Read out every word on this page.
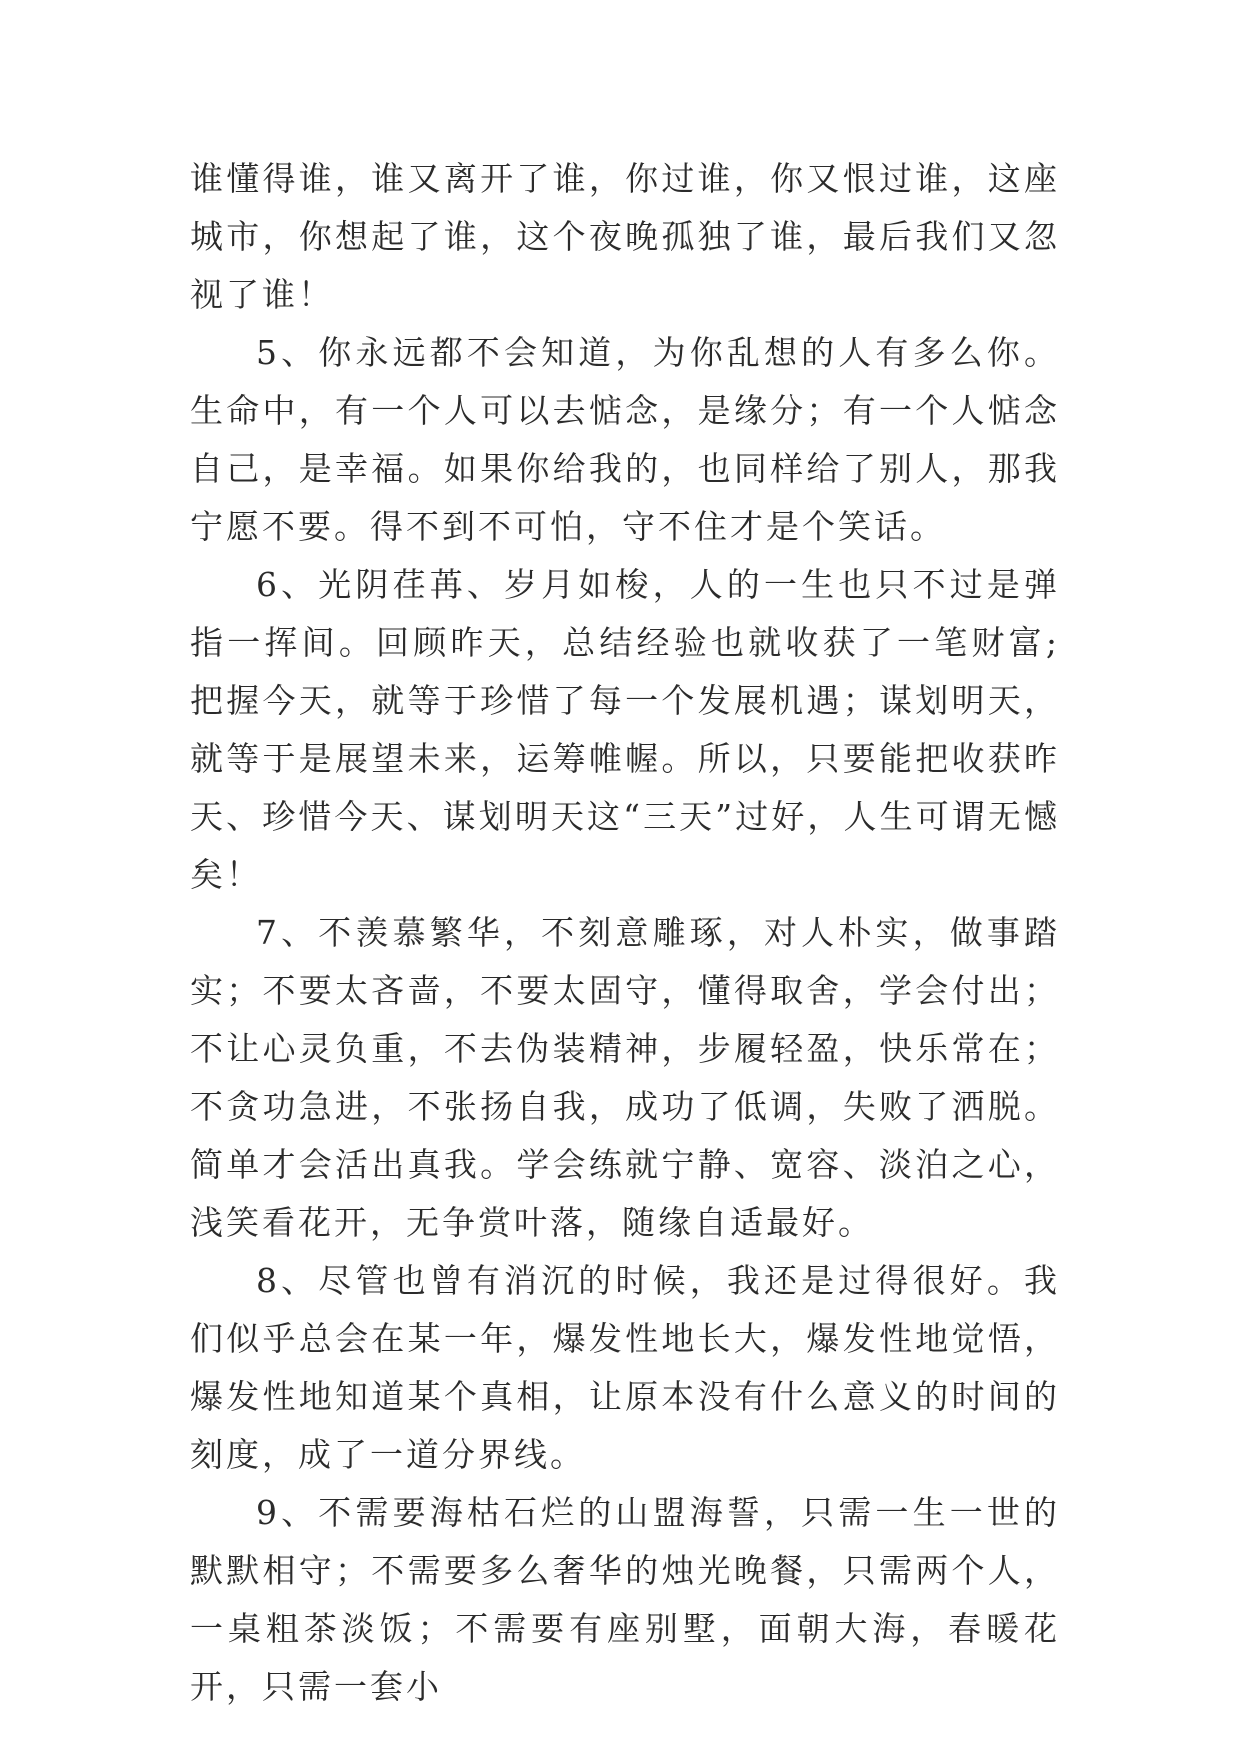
谁懂得谁，谁又离开了谁，你过谁，你又恨过谁，这座城市，你想起了谁，这个夜晚孤独了谁，最后我们又忽视了谁！

5、你永远都不会知道，为你乱想的人有多么你。生命中，有一个人可以去惦念，是缘分；有一个人惦念自己，是幸福。如果你给我的，也同样给了别人，那我宁愿不要。得不到不可怕，守不住才是个笑话。

6、光阴荏苒、岁月如梭，人的一生也只不过是弹指一挥间。回顾昨天，总结经验也就收获了一笔财富;把握今天，就等于珍惜了每一个发展机遇；谋划明天，就等于是展望未来，运筹帷幄。所以，只要能把收获昨天、珍惜今天、谋划明天这“三天”过好，人生可谓无憾矣！

7、不羡慕繁华，不刻意雕琢，对人朴实，做事踏实；不要太吝啬，不要太固守，懂得取舍，学会付出；不让心灵负重，不去伪装精神，步履轻盈，快乐常在；不贪功急进，不张扬自我，成功了低调，失败了洒脱。简单才会活出真我。学会练就宁静、宽容、淡泊之心，浅笑看花开，无争赏叶落，随缘自适最好。

8、尽管也曾有消沉的时候，我还是过得很好。我们似乎总会在某一年，爆发性地长大，爆发性地觉悟，爆发性地知道某个真相，让原本没有什么意义的时间的刻度，成了一道分界线。

9、不需要海枯石烂的山盟海誓，只需一生一世的默默相守；不需要多么奢华的烛光晚餐，只需两个人，一桌粗茶淡饭；不需要有座别墅，面朝大海，春暖花开，只需一套小
